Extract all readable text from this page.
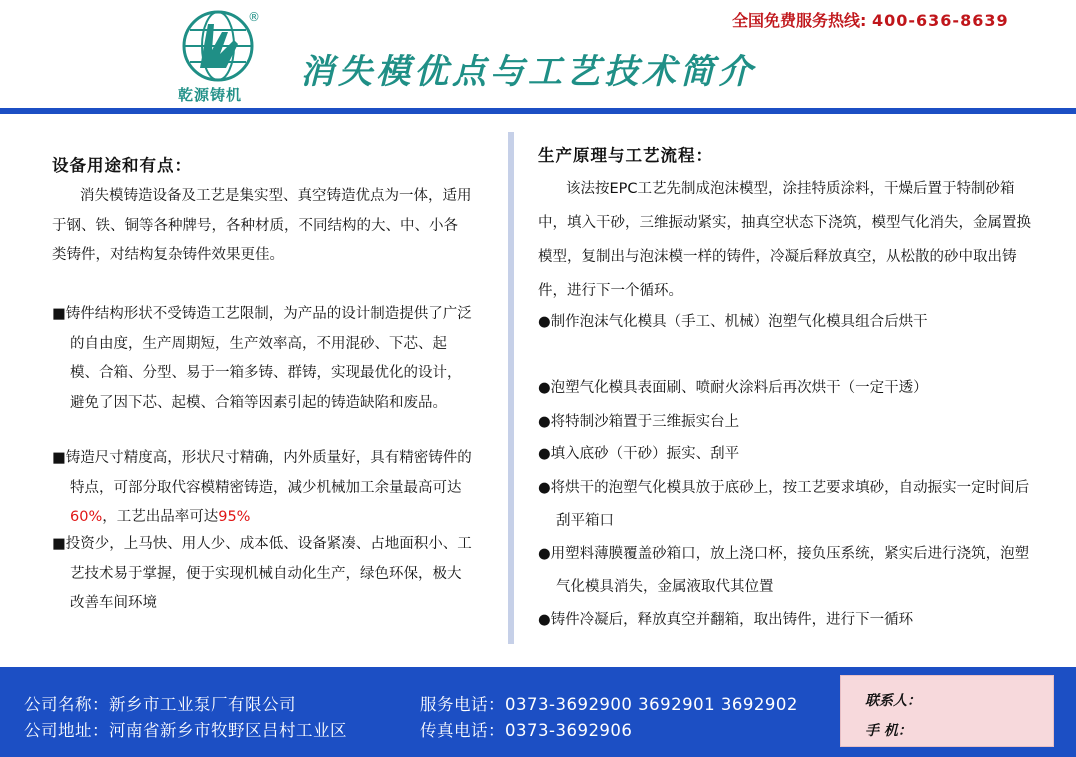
®
乾源铸机
全国免费服务热线: 400-636-8639
消失模优点与工艺技术简介
设备用途和有点：
消失模铸造设备及工艺是集实型、真空铸造优点为一体，适用于钢、铁、铜等各种牌号，各种材质，不同结构的大、中、小各类铸件，对结构复杂铸件效果更佳。
■铸件结构形状不受铸造工艺限制，为产品的设计制造提供了广泛的自由度，生产周期短，生产效率高，不用混砂、下芯、起模、合箱、分型、易于一箱多铸、群铸，实现最优化的设计，避免了因下芯、起模、合箱等因素引起的铸造缺陷和废品。
■铸造尺寸精度高，形状尺寸精确，内外质量好，具有精密铸件的特点，可部分取代容模精密铸造，减少机械加工余量最高可达60%，工艺出品率可达95%
■投资少，上马快、用人少、成本低、设备紧凑、占地面积小、工艺技术易于掌握，便于实现机械自动化生产，绿色环保，极大改善车间环境
生产原理与工艺流程：
该法按EPC工艺先制成泡沫模型，涂挂特质涂料，干燥后置于特制砂箱中，填入干砂，三维振动紧实，抽真空状态下浇筑，模型气化消失，金属置换模型，复制出与泡沫模一样的铸件，冷凝后释放真空，从松散的砂中取出铸件，进行下一个循环。
●制作泡沫气化模具（手工、机械）泡塑气化模具组合后烘干
●泡塑气化模具表面刷、喷耐火涂料后再次烘干（一定干透）
●将特制沙箱置于三维振实台上
●填入底砂（干砂）振实、刮平
●将烘干的泡塑气化模具放于底砂上，按工艺要求填砂，自动振实一定时间后刮平箱口
●用塑料薄膜覆盖砂箱口，放上浇口杯，接负压系统，紧实后进行浇筑，泡塑气化模具消失，金属液取代其位置
●铸件冷凝后，释放真空并翻箱，取出铸件，进行下一循环
公司名称：新乡市工业泵厂有限公司
公司地址：河南省新乡市牧野区吕村工业区
服务电话：0373-3692900 3692901 3692902
传真电话：0373-3692906
联系人：
手 机：
